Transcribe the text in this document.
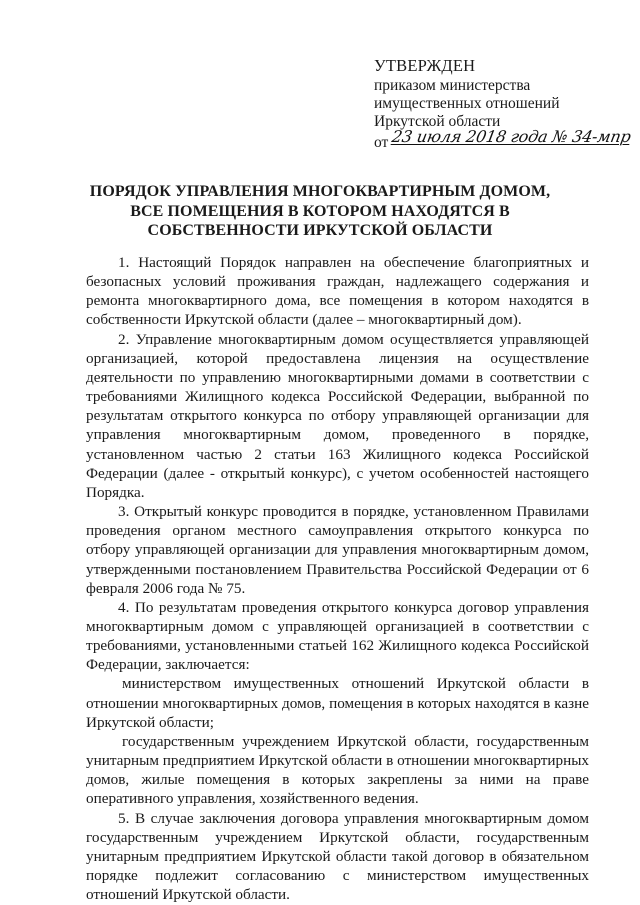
УТВЕРЖДЕН
приказом министерства
имущественных отношений
Иркутской области
от 23 июля 2018 года № 34-мпр
ПОРЯДОК УПРАВЛЕНИЯ МНОГОКВАРТИРНЫМ ДОМОМ,
ВСЕ ПОМЕЩЕНИЯ В КОТОРОМ НАХОДЯТСЯ В
СОБСТВЕННОСТИ ИРКУТСКОЙ ОБЛАСТИ

1. Настоящий Порядок направлен на обеспечение благоприятных и безопасных условий проживания граждан, надлежащего содержания и ремонта многоквартирного дома, все помещения в котором находятся в собственности Иркутской области (далее – многоквартирный дом).

2. Управление многоквартирным домом осуществляется управляющей организацией, которой предоставлена лицензия на осуществление деятельности по управлению многоквартирными домами в соответствии с требованиями Жилищного кодекса Российской Федерации, выбранной по результатам открытого конкурса по отбору управляющей организации для управления многоквартирным домом, проведенного в порядке, установленном частью 2 статьи 163 Жилищного кодекса Российской Федерации (далее - открытый конкурс), с учетом особенностей настоящего Порядка.

3. Открытый конкурс проводится в порядке, установленном Правилами проведения органом местного самоуправления открытого конкурса по отбору управляющей организации для управления многоквартирным домом, утвержденными постановлением Правительства Российской Федерации от 6 февраля 2006 года № 75.

4. По результатам проведения открытого конкурса договор управления многоквартирным домом с управляющей организацией в соответствии с требованиями, установленными статьей 162 Жилищного кодекса Российской Федерации, заключается:

министерством имущественных отношений Иркутской области в отношении многоквартирных домов, помещения в которых находятся в казне Иркутской области;

государственным учреждением Иркутской области, государственным унитарным предприятием Иркутской области в отношении многоквартирных домов, жилые помещения в которых закреплены за ними на праве оперативного управления, хозяйственного ведения.

5. В случае заключения договора управления многоквартирным домом государственным учреждением Иркутской области, государственным унитарным предприятием Иркутской области такой договор в обязательном порядке подлежит согласованию с министерством имущественных отношений Иркутской области.
